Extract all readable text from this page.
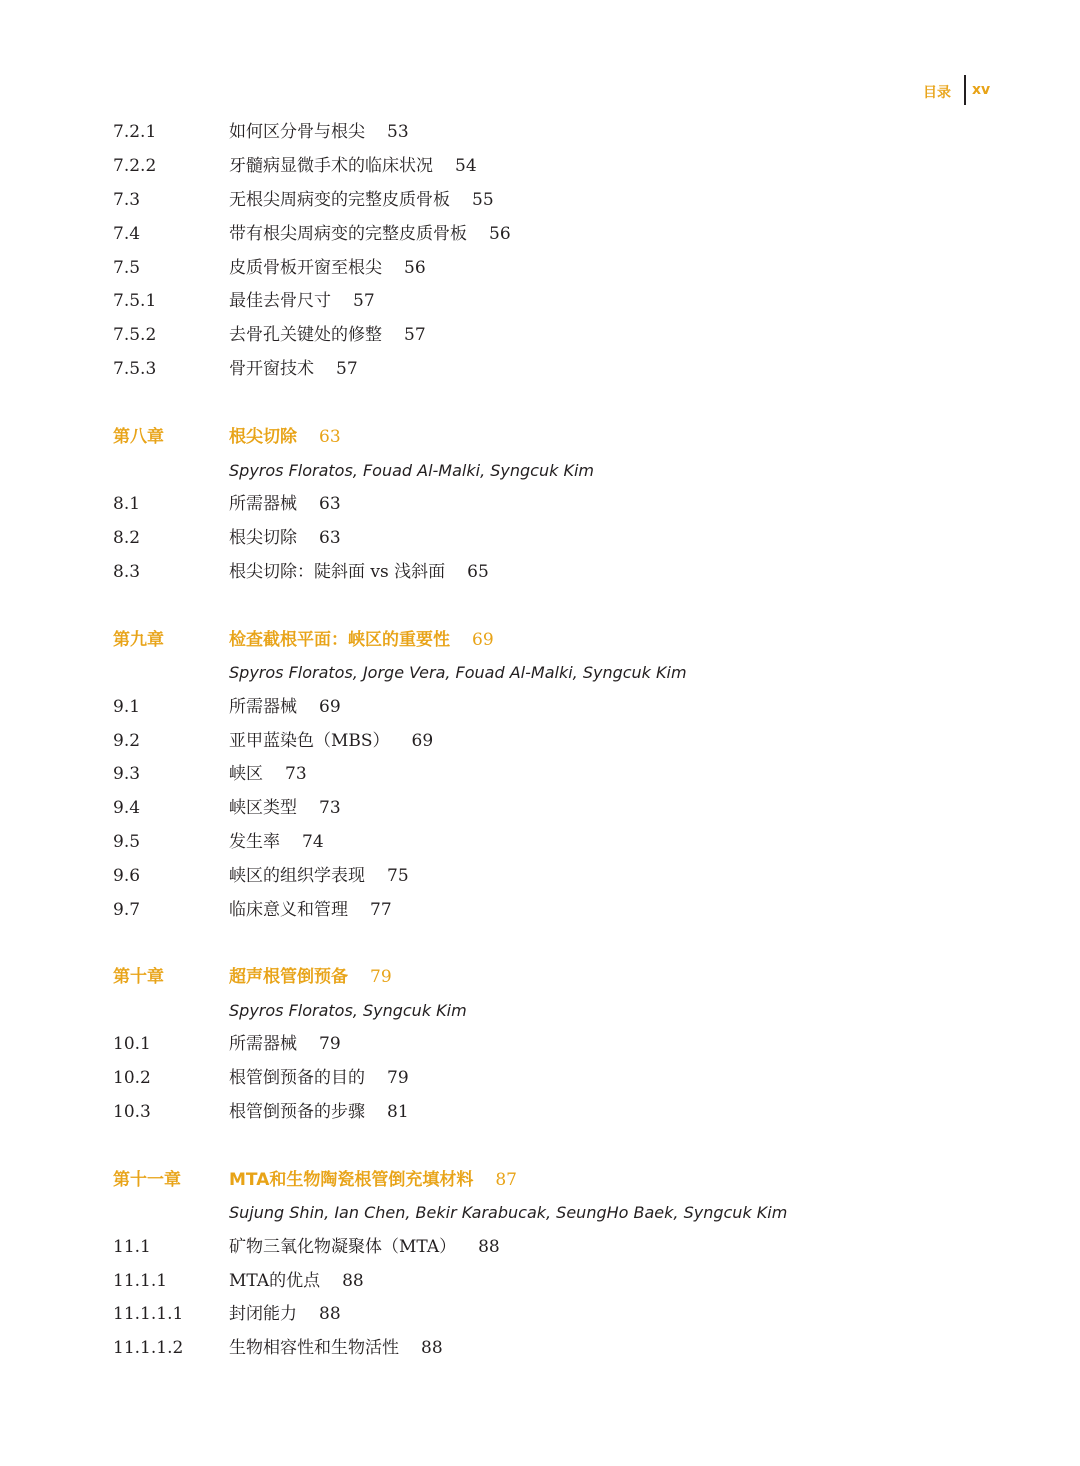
目录 xv
7.2.1	如何区分骨与根尖 53
7.2.2	牙髓病显微手术的临床状况 54
7.3	无根尖周病变的完整皮质骨板 55
7.4	带有根尖周病变的完整皮质骨板 56
7.5	皮质骨板开窗至根尖 56
7.5.1	最佳去骨尺寸 57
7.5.2	去骨孔关键处的修整 57
7.5.3	骨开窗技术 57
第八章	根尖切除 63
Spyros Floratos, Fouad Al-Malki, Syngcuk Kim
8.1	所需器械 63
8.2	根尖切除 63
8.3	根尖切除：陡斜面 vs 浅斜面 65
第九章	检查截根平面：峡区的重要性 69
Spyros Floratos, Jorge Vera, Fouad Al-Malki, Syngcuk Kim
9.1	所需器械 69
9.2	亚甲蓝染色（MBS） 69
9.3	峡区 73
9.4	峡区类型 73
9.5	发生率 74
9.6	峡区的组织学表现 75
9.7	临床意义和管理 77
第十章	超声根管倒预备 79
Spyros Floratos, Syngcuk Kim
10.1	所需器械 79
10.2	根管倒预备的目的 79
10.3	根管倒预备的步骤 81
第十一章	MTA和生物陶瓷根管倒充填材料 87
Sujung Shin, Ian Chen, Bekir Karabucak, SeungHo Baek, Syngcuk Kim
11.1	矿物三氧化物凝聚体（MTA） 88
11.1.1	MTA的优点 88
11.1.1.1	封闭能力 88
11.1.1.2	生物相容性和生物活性 88
